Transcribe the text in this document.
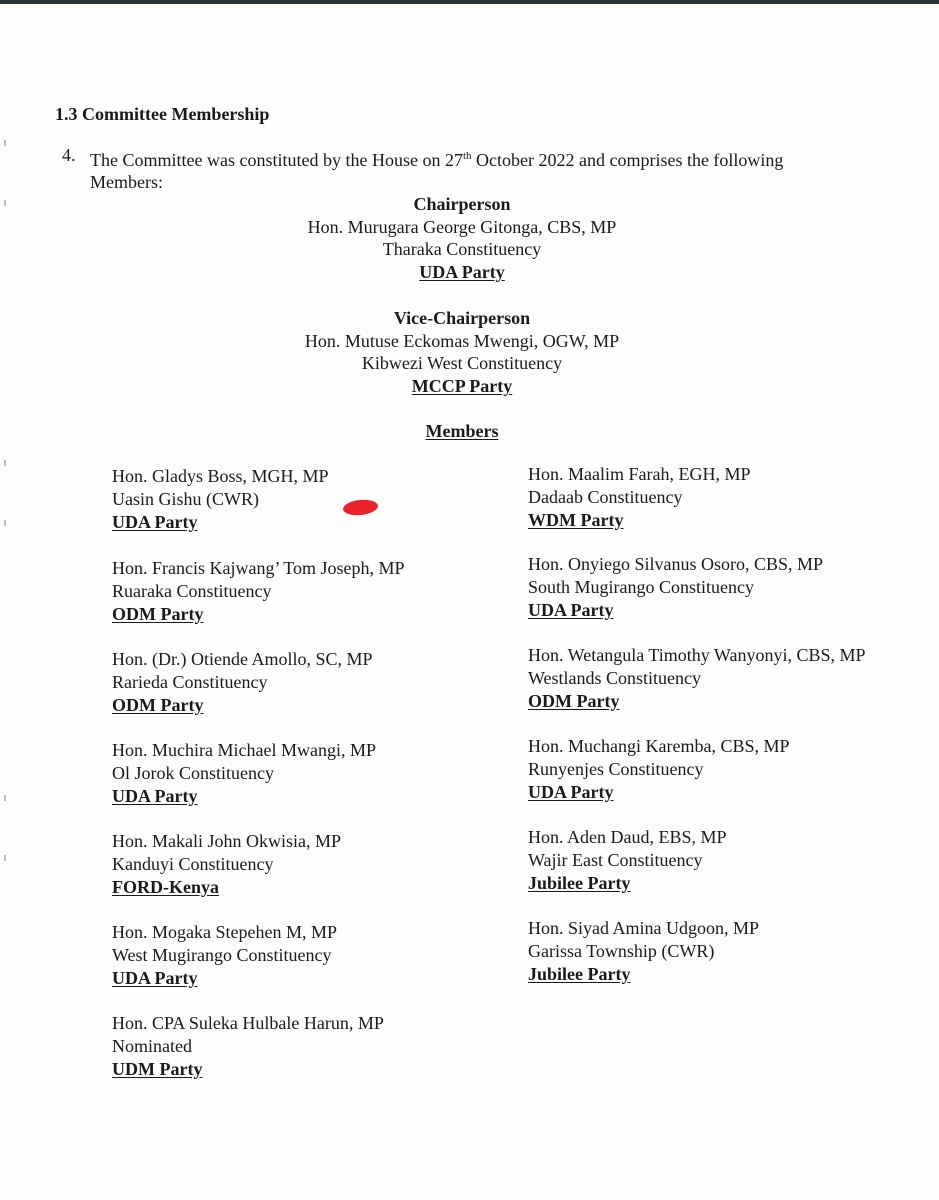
1.3 Committee Membership
4. The Committee was constituted by the House on 27th October 2022 and comprises the following
Members:
Chairperson
Hon. Murugara George Gitonga, CBS, MP
Tharaka Constituency
UDA Party
Vice-Chairperson
Hon. Mutuse Eckomas Mwengi, OGW, MP
Kibwezi West Constituency
MCCP Party
Members
Hon. Gladys Boss, MGH, MP
Uasin Gishu (CWR)
UDA Party
Hon. Francis Kajwang’ Tom Joseph, MP
Ruaraka Constituency
ODM Party
Hon. (Dr.) Otiende Amollo, SC, MP
Rarieda Constituency
ODM Party
Hon. Muchira Michael Mwangi, MP
Ol Jorok Constituency
UDA Party
Hon. Makali John Okwisia, MP
Kanduyi Constituency
FORD-Kenya
Hon. Mogaka Stepehen M, MP
West Mugirango Constituency
UDA Party
Hon. CPA Suleka Hulbale Harun, MP
Nominated
UDM Party
Hon. Maalim Farah, EGH, MP
Dadaab Constituency
WDM Party
Hon. Onyiego Silvanus Osoro, CBS, MP
South Mugirango Constituency
UDA Party
Hon. Wetangula Timothy Wanyonyi, CBS, MP
Westlands Constituency
ODM Party
Hon. Muchangi Karemba, CBS, MP
Runyenjes Constituency
UDA Party
Hon. Aden Daud, EBS, MP
Wajir East Constituency
Jubilee Party
Hon. Siyad Amina Udgoon, MP
Garissa Township (CWR)
Jubilee Party
